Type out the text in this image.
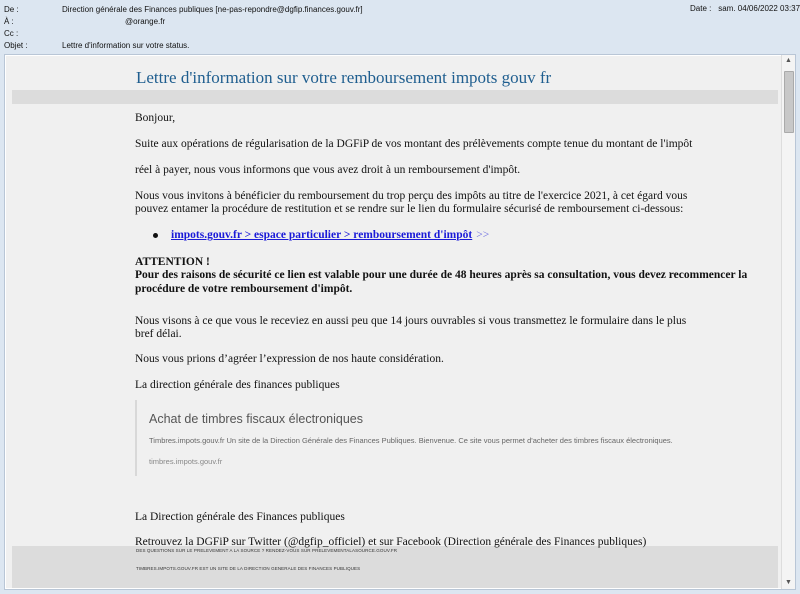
De :	Direction générale des Finances publiques [ne-pas-repondre@dgfip.finances.gouv.fr]
À :	@orange.fr
Cc :
Objet :	Lettre d'information sur votre status.
Date : sam. 04/06/2022 03:37
Lettre d'information sur votre remboursement impots gouv fr
Bonjour,
Suite aux opérations de régularisation de la DGFiP de vos montant des prélèvements compte tenue du montant de l'impôt
réel à payer, nous vous informons que vous avez droit à un remboursement d'impôt.
Nous vous invitons à bénéficier du remboursement du trop perçu des impôts au titre de l'exercice 2021, à cet égard vous
pouvez entamer la procédure de restitution et se rendre sur le lien du formulaire sécurisé de remboursement ci-dessous:
impots.gouv.fr > espace particulier > remboursement d'impôt >>
ATTENTION !
Pour des raisons de sécurité ce lien est valable pour une durée de 48 heures après sa consultation, vous devez recommencer la
procédure de votre remboursement d'impôt.
Nous visons à ce que vous le receviez en aussi peu que 14 jours ouvrables si vous transmettez le formulaire dans le plus
bref délai.
Nous vous prions d’agréer l’expression de nos haute considération.
La direction générale des finances publiques
Achat de timbres fiscaux électroniques
Timbres.impots.gouv.fr Un site de la Direction Générale des Finances Publiques. Bienvenue. Ce site vous permet d'acheter des timbres fiscaux électroniques.
timbres.impots.gouv.fr
La Direction générale des Finances publiques
Retrouvez la DGFiP sur Twitter (@dgfip_officiel) et sur Facebook (Direction générale des Finances publiques)
DES QUESTIONS SUR LE PRELEVEMENT A LA SOURCE ? RENDEZ-VOUS SUR PRELEVEMENTALASOURCE.GOUV.FR
TIMBRES.IMPOTS.GOUV.FR EST UN SITE DE LA DIRECTION GENERALE DES FINANCES PUBLIQUES
▲
▼
